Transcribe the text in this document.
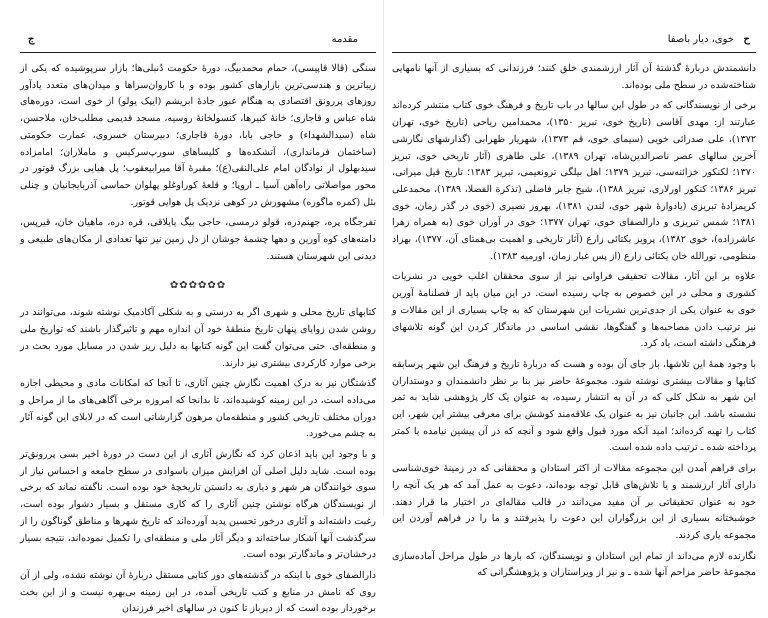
مقدمه
ج

سنگی (قالا قاپیسی)، حمام محمدبیگ، دورهٔ حکومت دُنبلی‌ها؛ بازار سرپوشیده که یکی از زیباترین و هندسی‌ترین بازارهای کشور بوده و با کاروان‌سراها و میدان‌های متعدد یادآور روزهای پررونق اقتصادی به هنگام عبور جادهٔ ابریشم (ایپک یولو) از خوی است، دوره‌های شاه عباس و قاجاری؛ خانهٔ کبیرها، کنسولخانهٔ روسیه، مسجد قدیمی مطلب‌خان، ملاحسن، شاه (سیدالشهداء) و حاجی بابا، دورهٔ قاجاری؛ دبیرستان خسروی، عمارت حکومتی (ساختمان فرمانداری)، آتشکده‌ها و کلیساهای سورپ‌سرکیس و ماملاران؛ امامزاده سیدبهلول از نوادگان امام علی‌النقی(ع)؛ مقبرهٔ آقا میرابیعقوب؛ پل هیایی بزرگ قوتور در محور مواصلاتی راه‌آهن آسیا ـ اروپا؛ و قلعهٔ کوراوغلو پهلوان حماسی آذربایجانیان و چنلی بئل (کمره ماگوره) مشهورش در کوهی نزدیک پل هوایی قوتور.

تفرجگاه پره، جهنم‌دره، قولو درمسی، حاجی بیگ یایلاقی، قره دره، ماهیان خان، قیرپس، دامنه‌های کوه آورین و دهها چشمهٔ جوشان از دل زمین نیز تنها تعدادی از مکان‌های طبیعی و دیدنی این شهرستان هستند.

✿✿✿✿✿✿

کتابهای تاریخ محلی و شهری اگر به درستی و به شکلی آکادمیک نوشته شوند، می‌توانند در روشن شدن زوایای پنهان تاریخ منطقهٔ خود آن اندازه مهم و تاثیرگذار باشند که تواریخ ملی و منطقه‌ای. حتی می‌توان گفت این گونه کتابها به دلیل ریز شدن در مسایل مورد بحث در برخی موارد کارکردی بیشتری نیز دارند.

گذشتگان نیز به درک اهمیت نگارش چنین آثاری، تا آنجا که امکانات مادی و محیطی اجازه می‌داده است، در این زمینه کوشیده‌اند، تا بدانجا که امروزه برخی آگاهی‌های ما از مراحل و دوران مختلف تاریخی کشور و منطقه‌مان مرهون گزارشاتی است که در لابلای این گونه آثار به چشم می‌خورد.

و با وجود این باید اذعان کرد که نگارش آثاری از این دست در دورهٔ اخیر بسی پررونق‌تر بوده است. شاید دلیل اصلی آن افزایش میزان باسوادی در سطح جامعه و احساس نیاز از سوی خوانندگان هر شهر و دیاری به دانستن تاریخچهٔ خود بوده است. ناگفته نماند که برخی از نویسندگان هرگاه نوشتن چنین آثاری را که کاری مستقل و بسیار دشوار بوده است، رغبت داشته‌اند و آثاری درخور تحسین پدید آورده‌اند که تاریخ شهرها و مناطق گوناگون را از سرگذشت آنها آشکار ساخته‌اند و دیگر آثار ملی و منطقه‌ای را تکمیل نموده‌اند، نتیجه بسیار درخشان‌تر و ماندگارتر بوده است.

دارالصفای خوی با اینکه در گذشته‌های دور کتابی مستقل دربارهٔ آن نوشته نشده، ولی از آن روی که نامش در منابع و کتب تاریخی آمده، در این زمینه بی‌بهره نیست و از این بخت برخوردار بوده است که از دیرباز تا کنون در سالهای اخیر فرزندان

ح
خوی، دیار باصفا

دانشمندش دربارهٔ گذشتهٔ آن آثار ارزشمندی خلق کنند؛ فرزندانی که بسیاری از آنها نامهایی شناخته‌شده در سطح ملی بوده‌اند.

برخی از نویسندگانی که در طول این سالها در باب تاریخ و فرهنگ خوی کتاب منتشر کرده‌اند عبارتند از: مهدی آقاسی (تاریخ خوی، تبریز ۱۳۵۰)، محمدامین ریاحی (تاریخ خوی، تهران ۱۳۷۲)، علی صدرائی خویی (سیمای خوی، قم ۱۳۷۳)، شهریار ظهرابی (گذارشهای نگارشی آخرین سالهای عصر ناصرالدین‌شاه، تهران ۱۳۸۹)، علی طاهری (آثار تاریخی خوی، تبریز ۱۳۷۰؛ لکنکور خزائنه‌سی، تبریز ۱۳۷۹؛ اهل بیلگی ترونعیمی، تبریز ۱۳۸۳؛ تاریخ قیل میرانی، تبریز ۱۳۸۶؛ کنکور اورلاری، تبریز ۱۳۸۸)، شیخ جابر فاضلی (تذکرة الفضلا، ۱۳۸۹)، محمدعلی کریمزادهٔ تبریزی (یادوارهٔ شهر خوی، لندن ۱۳۸۱)، بهروز نصیری (خوی در گذر زمان، خوی ۱۳۸۱؛ شمس تبریزی و دارالصفای خوی، تهران ۱۳۷۷؛ خوی در آوران خوی (به همراه زهرا عاشرزاده)، خوی ۱۳۸۲)، پرویز یکتائی زارع (آثار تاریخی و اهمیت بی‌همتای آن، ۱۳۷۷)، بهزاد منظومی، نورالله خان یکتائی زارع (از پس غبار زمان، اورمیه ۱۳۸۳).

علاوه بر این آثار، مقالات تحقیقی فراوانی نیز از سوی محققان اغلب خویی در نشریات کشوری و محلی در این خصوص به چاپ رسیده است. در این میان باید از فصلنامهٔ آورین خوی به عنوان یکی از جدی‌ترین نشریات این شهرستان که به چاپ بسیاری از این مقالات و نیز ترتیب دادن مصاحبه‌ها و گفتگوها، نقشی اساسی در ماندگار کردن این گونه تلاشهای فرهنگی داشته است، یاد کرد.

با وجود همهٔ این تلاشها، باز جای آن بوده و هست که دربارهٔ تاریخ و فرهنگ این شهر پرسابقه کتابها و مقالات بیشتری نوشته شود. مجموعهٔ حاضر نیز بنا بر نظر دانشمندان و دوستداران این شهر به شکل کلی که در آن به انتشار رسیده، به عنوان یک کار پژوهشی شاید به ثمر نشسته باشد. این جانبان نیز به عنوان یک علاقه‌مند کوشش برای معرفی بیشتر این شهر، این کتاب را تهیه کرده‌اند؛ امید آنکه مورد قبول واقع شود و آنچه که در آن پیشین نیامده یا کمتر پرداخته شده ـ ترتیب داده شده است.

برای فراهم آمدن این مجموعه مقالات از اکثر استادان و محققانی که در زمینهٔ خوی‌شناسی دارای آثار ارزشمند و یا تلاش‌های قابل توجه بوده‌اند، دعوت به عمل آمد که هر یک آنچه را خود به عنوان تحقیقاتی بر آن مفید می‌دانند در قالب مقاله‌ای در اختیار ما قرار دهند. خوشبختانه بسیاری از این بزرگواران این دعوت را پذیرفتند و ما را در فراهم آوردن این مجموعه یاری کردند.

نگارنده لازم می‌داند از تمام این استادان و نویسندگان، که بارها در طول مراحل آماده‌سازی مجموعهٔ حاضر مزاحم آنها شده ـ و نیز از ویراستاران و پژوهشگرانی که
